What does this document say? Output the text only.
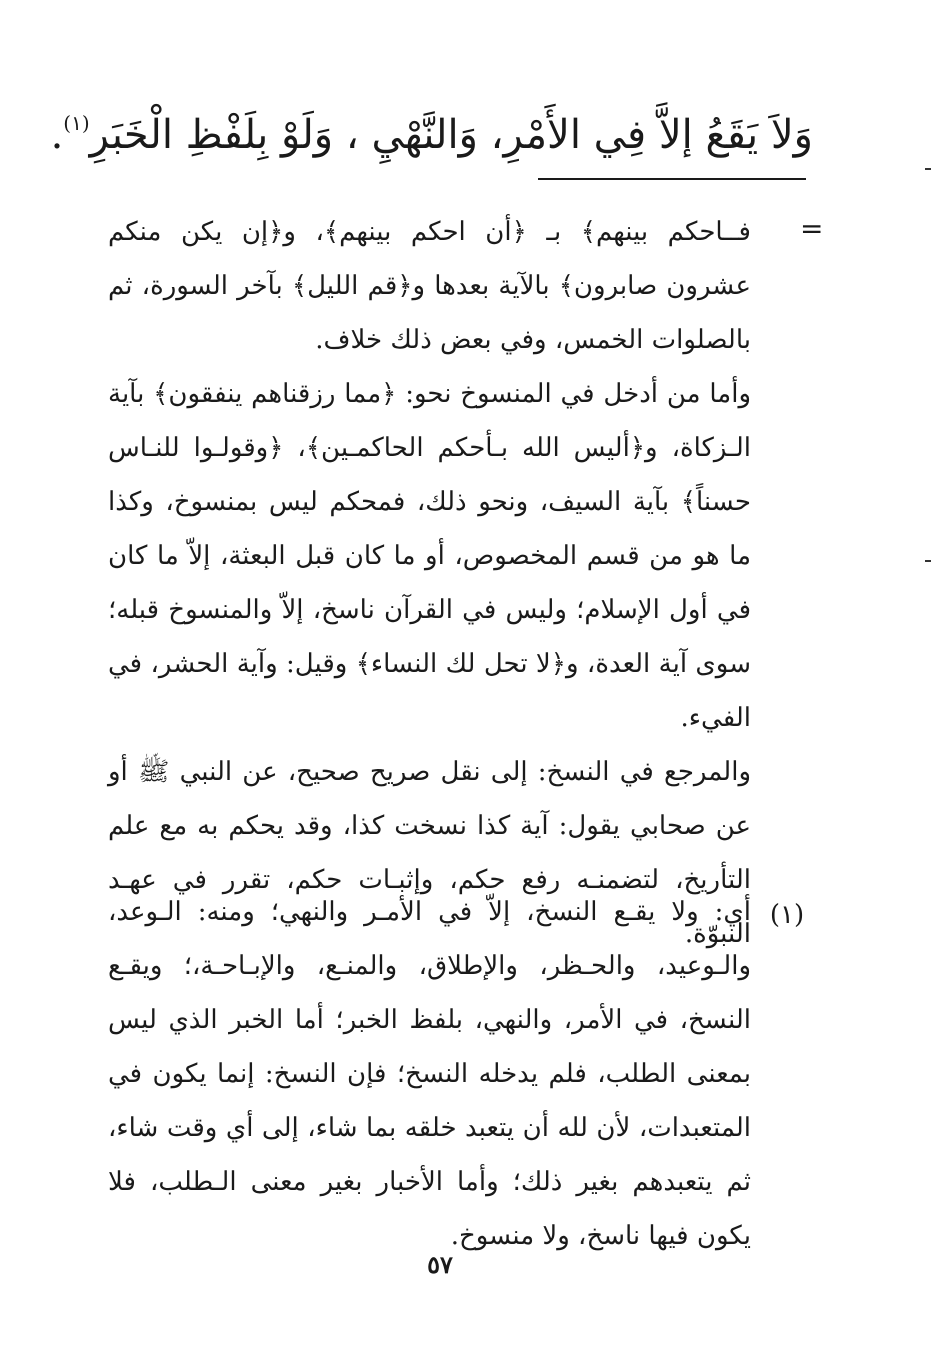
وَلاَ يَقَعُ إلاَّ فِي الأَمْرِ، وَالنَّهْيِ ، وَلَوْ بِلَفْظِ الْخَبَرِ$^{(١)}$.
=

فــاحكم بينهم﴾ بـ ﴿أن احكم بينهم﴾، و﴿إن يكن منكم عشرون صابرون﴾ بالآية بعدها و﴿قم الليل﴾ بآخر السورة، ثم بالصلوات الخمس، وفي بعض ذلك خلاف.

وأما من أدخل في المنسوخ نحو: ﴿مما رزقناهم ينفقون﴾ بآية الـزكاة، و﴿أليس الله بـأحكم الحاكمـين﴾، ﴿وقولـوا للنـاس حسناً﴾ بآية السيف، ونحو ذلك، فمحكم ليس بمنسوخ، وكذا ما هو من قسم المخصوص، أو ما كان قبل البعثة، إلاّ ما كان في أول الإسلام؛ وليس في القرآن ناسخ، إلاّ والمنسوخ قبله؛ سوى آية العدة، و﴿لا تحل لك النساء﴾ وقيل: وآية الحشر، في الفيء.

والمرجع في النسخ: إلى نقل صريح صحيح، عن النبي ﷺ أو عن صحابي يقول: آية كذا نسخت كذا، وقد يحكم به مع علم التأريخ، لتضمنـه رفع حكم، وإثبـات حكم، تقرر في عهـد النبوّة.

(١)

أي: ولا يقـع النسخ، إلاّ في الأمـر والنهي؛ ومنه: الـوعد، والـوعيد، والحـظر، والإطلاق، والمنـع، والإبـاحـة،؛ ويقـع النسخ، في الأمر، والنهي، بلفظ الخبر؛ أما الخبر الذي ليس بمعنى الطلب، فلم يدخله النسخ؛ فإن النسخ: إنما يكون في المتعبدات، لأن لله أن يتعبد خلقه بما شاء، إلى أي وقت شاء، ثم يتعبدهم بغير ذلك؛ وأما الأخبار بغير معنى الـطلب، فلا يكون فيها ناسخ، ولا منسوخ.

٥٧
